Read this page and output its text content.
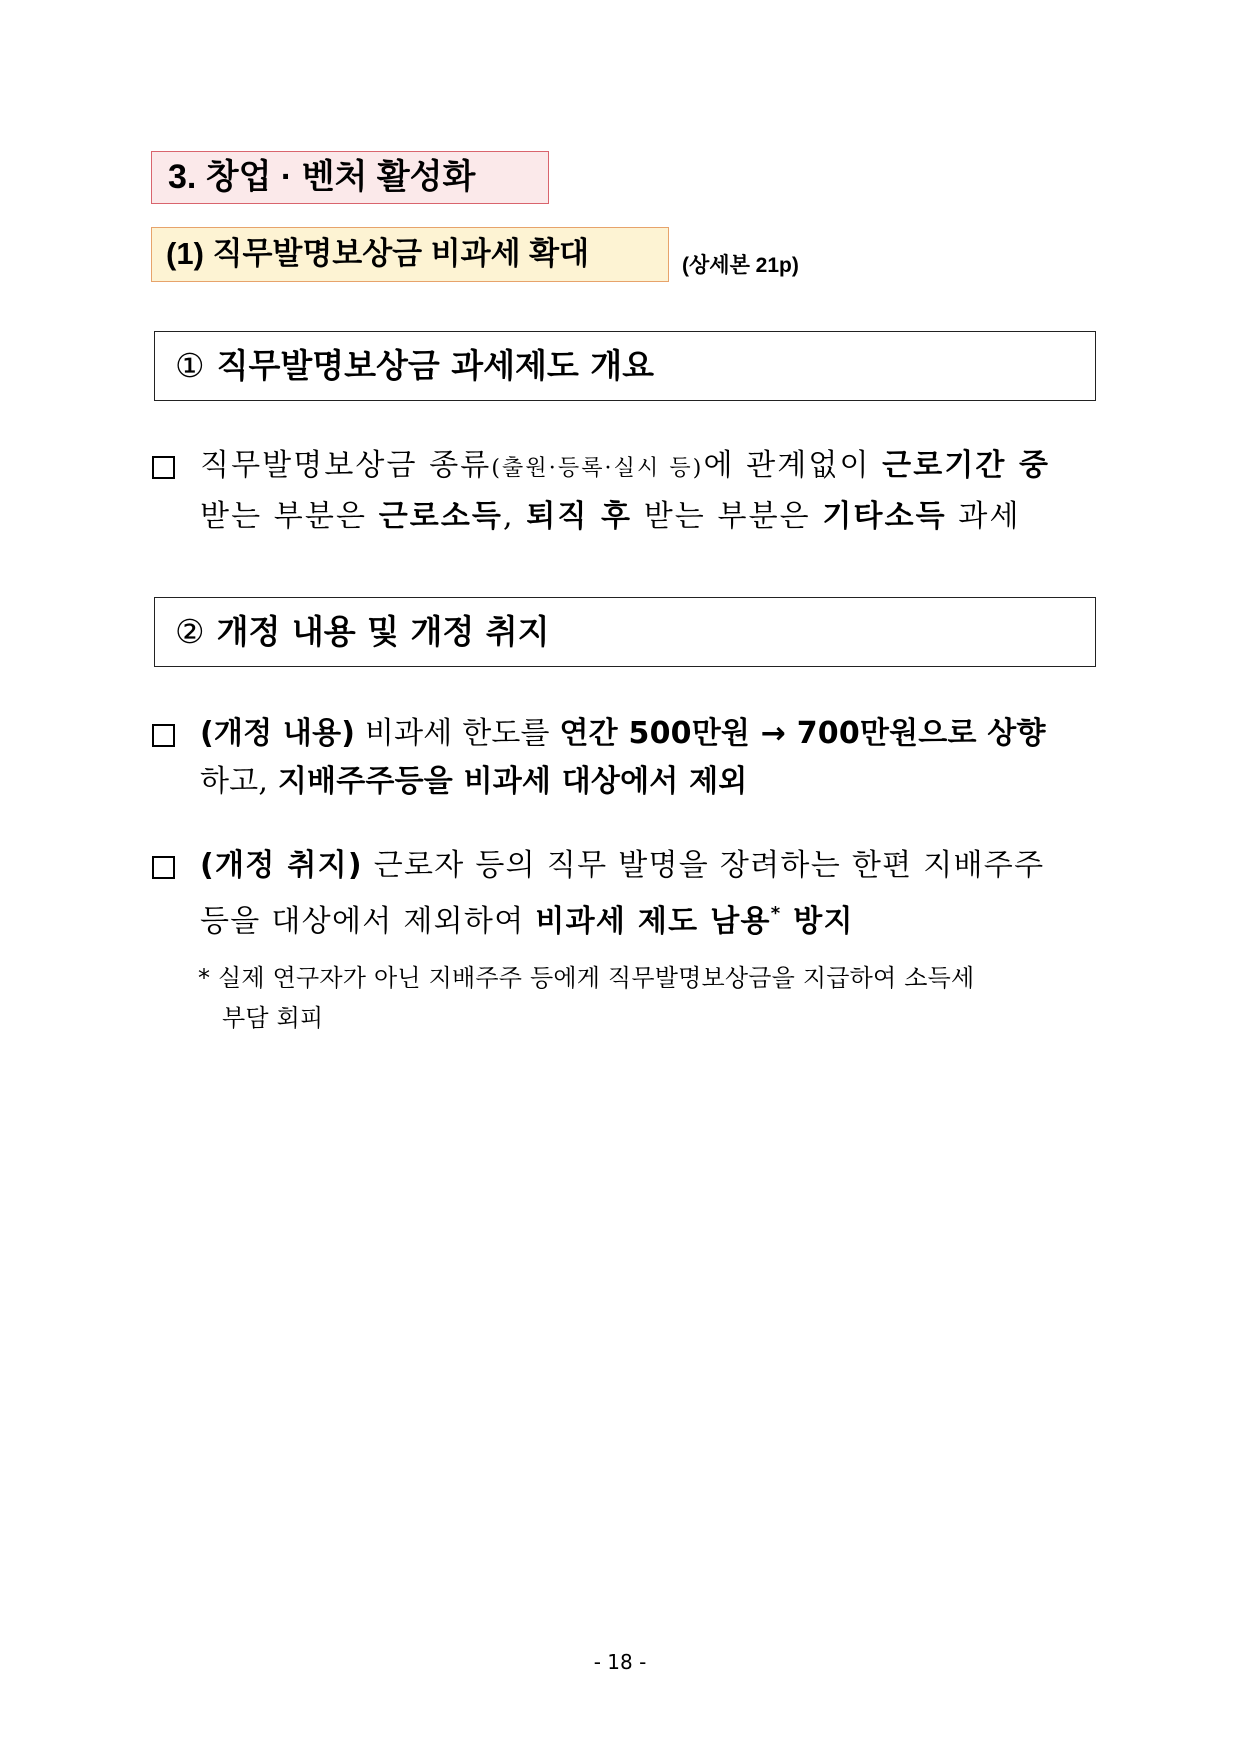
3. 창업 · 벤처 활성화
(1) 직무발명보상금 비과세 확대	(상세본 21p)
① 직무발명보상금 과세제도 개요
직무발명보상금 종류(출원·등록·실시 등)에 관계없이 근로기간 중
받는 부분은 근로소득, 퇴직 후 받는 부분은 기타소득 과세
② 개정 내용 및 개정 취지
(개정 내용) 비과세 한도를 연간 500만원 → 700만원으로 상향
하고, 지배주주등을 비과세 대상에서 제외
(개정 취지) 근로자 등의 직무 발명을 장려하는 한편 지배주주
등을 대상에서 제외하여 비과세 제도 남용* 방지
* 실제 연구자가 아닌 지배주주 등에게 직무발명보상금을 지급하여 소득세
부담 회피
- 18 -
